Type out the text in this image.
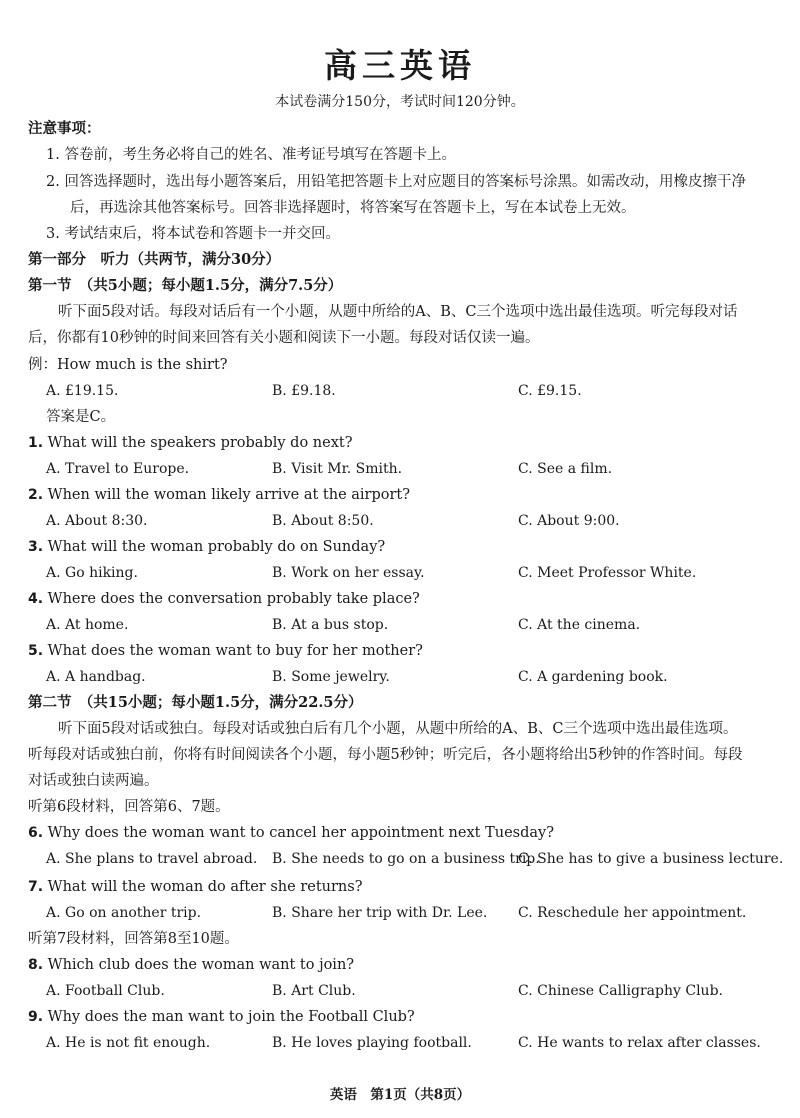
高三英语
本试卷满分150分，考试时间120分钟。
注意事项：
1. 答卷前，考生务必将自己的姓名、准考证号填写在答题卡上。
2. 回答选择题时，选出每小题答案后，用铅笔把答题卡上对应题目的答案标号涂黑。如需改动，用橡皮擦干净
后，再选涂其他答案标号。回答非选择题时，将答案写在答题卡上，写在本试卷上无效。
3. 考试结束后，将本试卷和答题卡一并交回。
第一部分　听力（共两节，满分30分）
第一节　（共5小题；每小题1.5分，满分7.5分）
听下面5段对话。每段对话后有一个小题，从题中所给的A、B、C三个选项中选出最佳选项。听完每段对话
后，你都有10秒钟的时间来回答有关小题和阅读下一小题。每段对话仅读一遍。
例：How much is the shirt?
A. £19.15.	B. £9.18.	C. £9.15.
答案是C。
1. What will the speakers probably do next?
A. Travel to Europe.	B. Visit Mr. Smith.	C. See a film.
2. When will the woman likely arrive at the airport?
A. About 8:30.	B. About 8:50.	C. About 9:00.
3. What will the woman probably do on Sunday?
A. Go hiking.	B. Work on her essay.	C. Meet Professor White.
4. Where does the conversation probably take place?
A. At home.	B. At a bus stop.	C. At the cinema.
5. What does the woman want to buy for her mother?
A. A handbag.	B. Some jewelry.	C. A gardening book.
第二节　（共15小题；每小题1.5分，满分22.5分）
听下面5段对话或独白。每段对话或独白后有几个小题，从题中所给的A、B、C三个选项中选出最佳选项。
听每段对话或独白前，你将有时间阅读各个小题，每小题5秒钟；听完后，各小题将给出5秒钟的作答时间。每段
对话或独白读两遍。
听第6段材料，回答第6、7题。
6. Why does the woman want to cancel her appointment next Tuesday?
A. She plans to travel abroad. B. She needs to go on a business trip.
C. She has to give a business lecture.
7. What will the woman do after she returns?
A. Go on another trip.	B. Share her trip with Dr. Lee. C. Reschedule her appointment.
听第7段材料，回答第8至10题。
8. Which club does the woman want to join?
A. Football Club.	B. Art Club.	C. Chinese Calligraphy Club.
9. Why does the man want to join the Football Club?
A. He is not fit enough.	B. He loves playing football.	C. He wants to relax after classes.
英语　第1页（共8页）
